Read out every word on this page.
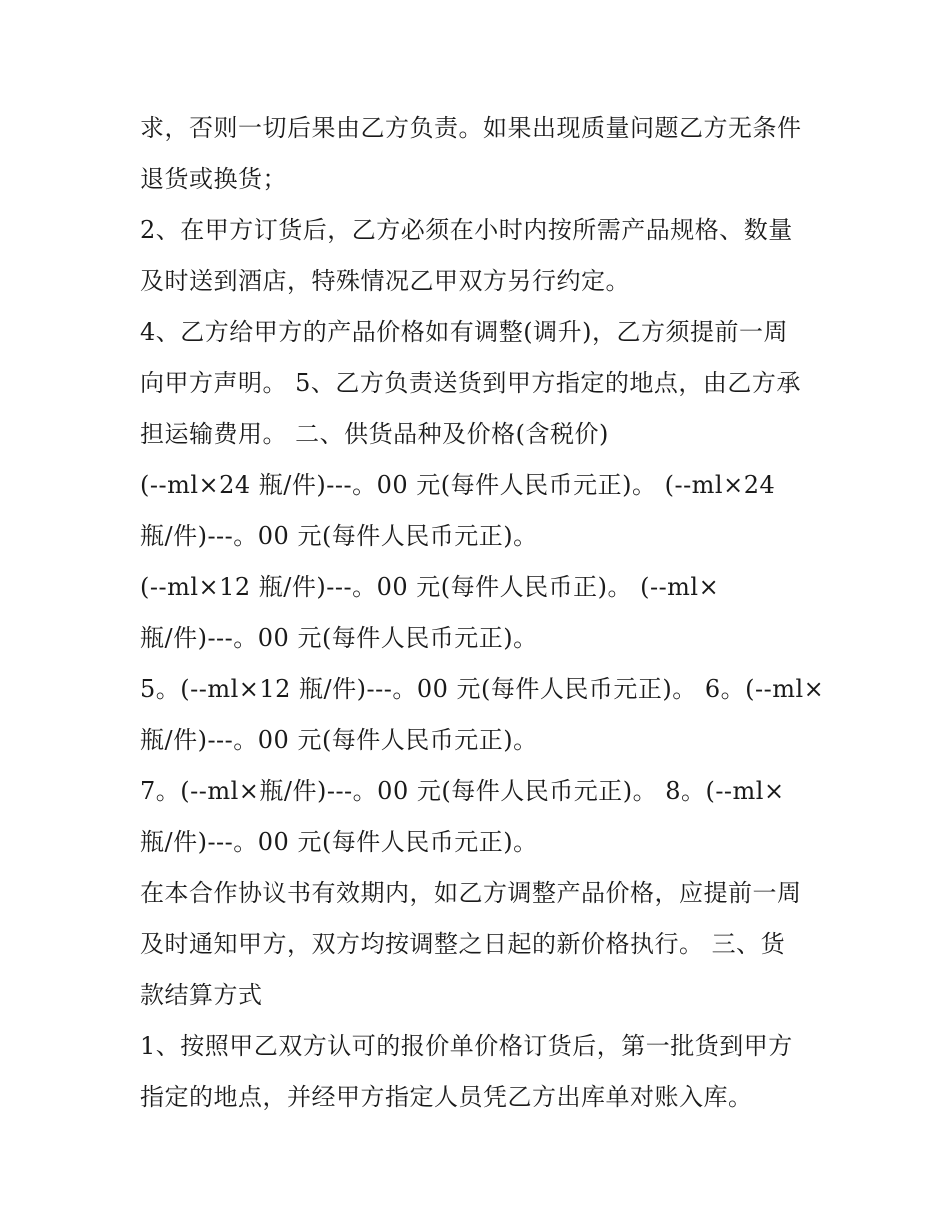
求，否则一切后果由乙方负责。如果出现质量问题乙方无条件
退货或换货；
2、在甲方订货后，乙方必须在小时内按所需产品规格、数量
及时送到酒店，特殊情况乙甲双方另行约定。
4、乙方给甲方的产品价格如有调整(调升)，乙方须提前一周
向甲方声明。 5、乙方负责送货到甲方指定的地点，由乙方承
担运输费用。 二、供货品种及价格(含税价)
(--ml×24 瓶/件)---。00 元(每件人民币元正)。 (--ml×24
瓶/件)---。00 元(每件人民币元正)。
(--ml×12 瓶/件)---。00 元(每件人民币正)。 (--ml×
瓶/件)---。00 元(每件人民币元正)。
5。(--ml×12 瓶/件)---。00 元(每件人民币元正)。 6。(--ml×
瓶/件)---。00 元(每件人民币元正)。
7。(--ml×瓶/件)---。00 元(每件人民币元正)。 8。(--ml×
瓶/件)---。00 元(每件人民币元正)。
在本合作协议书有效期内，如乙方调整产品价格，应提前一周
及时通知甲方，双方均按调整之日起的新价格执行。 三、货
款结算方式
1、按照甲乙双方认可的报价单价格订货后，第一批货到甲方
指定的地点，并经甲方指定人员凭乙方出库单对账入库。
